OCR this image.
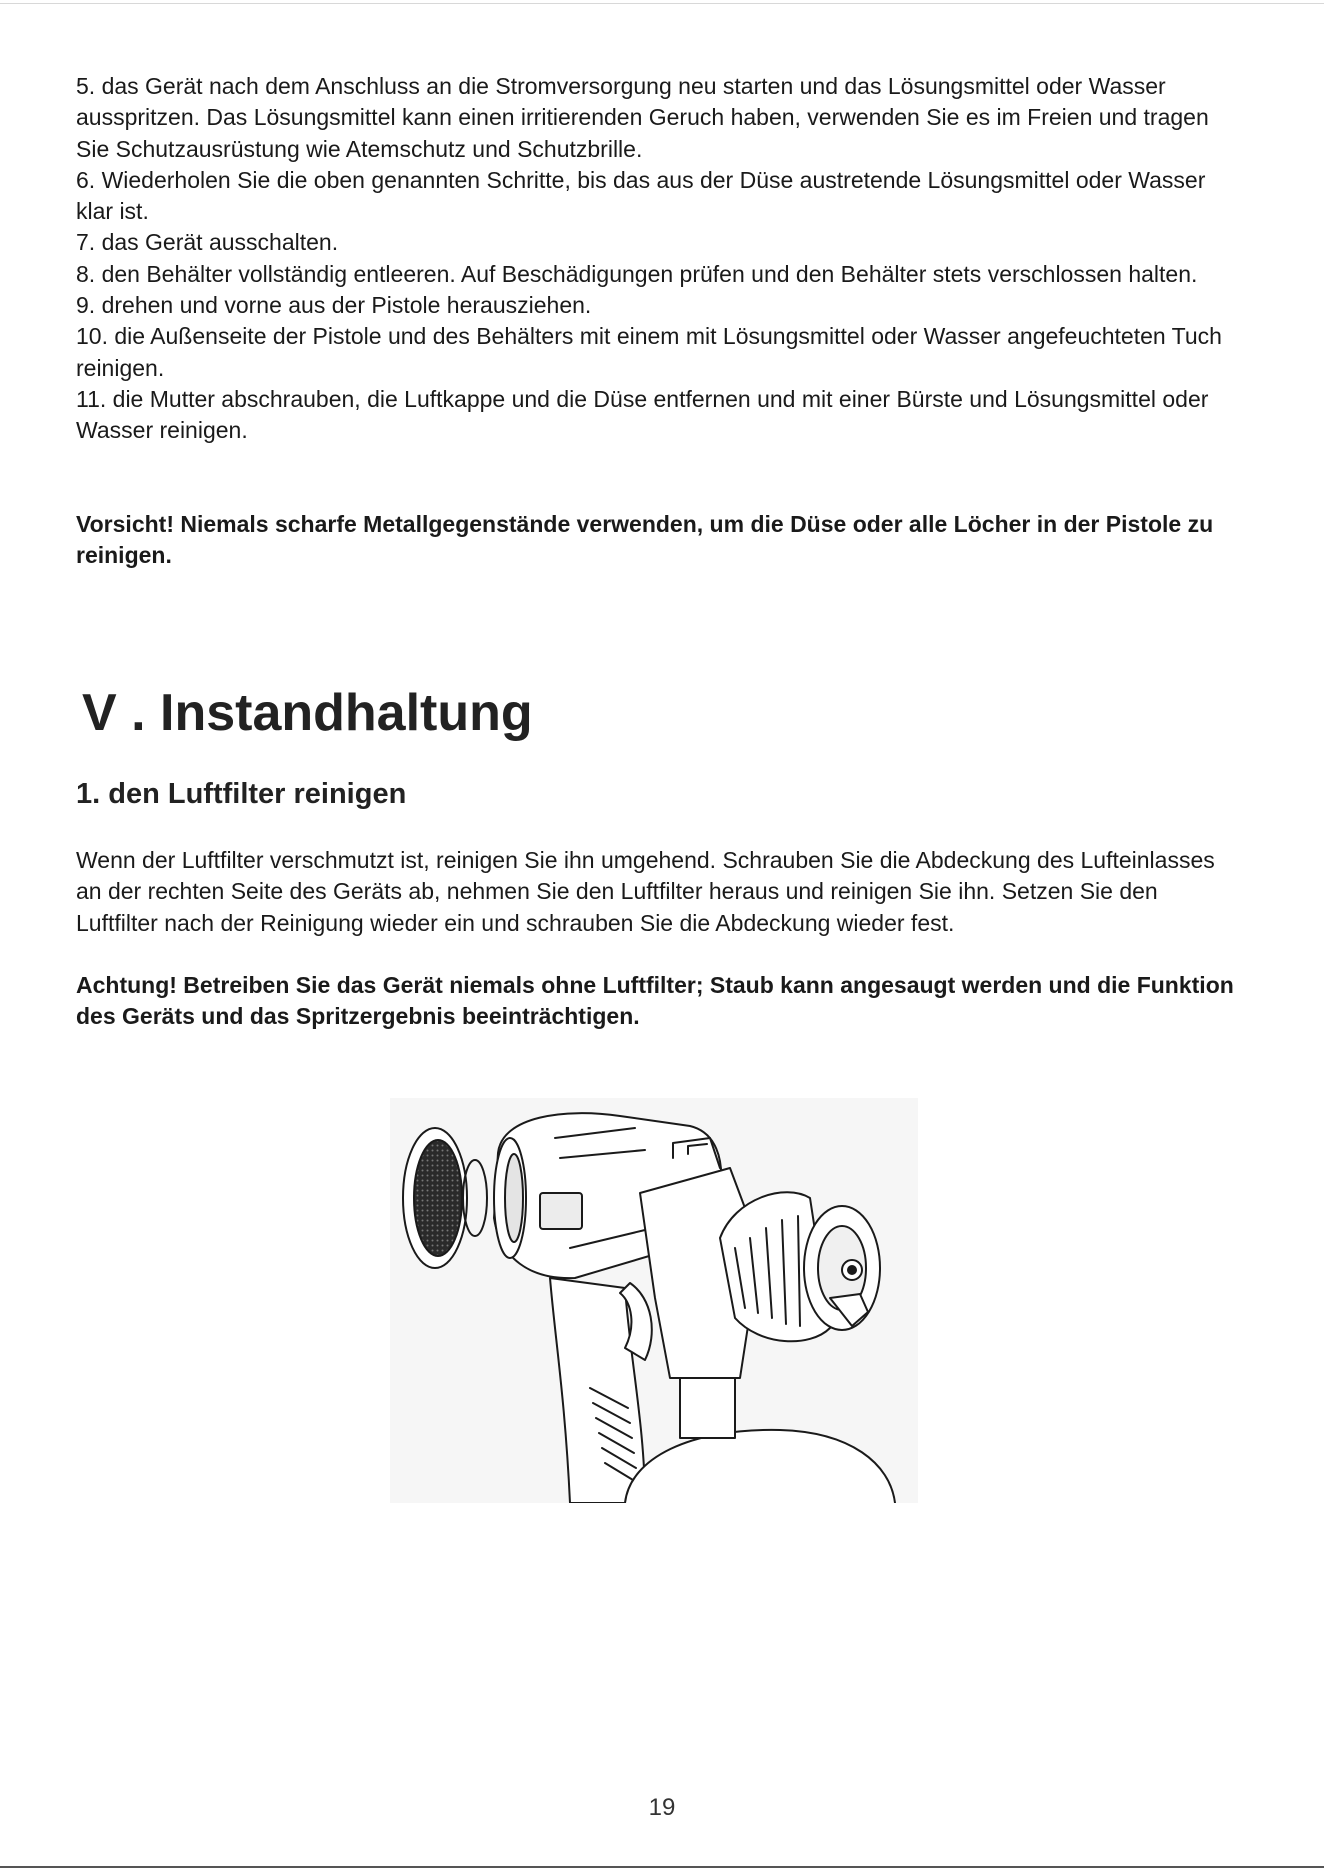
5. das Gerät nach dem Anschluss an die Stromversorgung neu starten und das Lösungsmittel oder Wasser ausspritzen. Das Lösungsmittel kann einen irritierenden Geruch haben, verwenden Sie es im Freien und tragen Sie Schutzausrüstung wie Atemschutz und Schutzbrille.

6. Wiederholen Sie die oben genannten Schritte, bis das aus der Düse austretende Lösungsmittel oder Wasser klar ist.

7. das Gerät ausschalten.

8. den Behälter vollständig entleeren. Auf Beschädigungen prüfen und den Behälter stets verschlossen halten.

9. drehen und vorne aus der Pistole herausziehen.

10. die Außenseite der Pistole und des Behälters mit einem mit Lösungsmittel oder Wasser angefeuchteten Tuch reinigen.

11. die Mutter abschrauben, die Luftkappe und die Düse entfernen und mit einer Bürste und Lösungsmittel oder Wasser reinigen.

Vorsicht! Niemals scharfe Metallgegenstände verwenden, um die Düse oder alle Löcher in der Pistole zu reinigen.

V . Instandhaltung
1. den Luftfilter reinigen

Wenn der Luftfilter verschmutzt ist, reinigen Sie ihn umgehend. Schrauben Sie die Abdeckung des Lufteinlasses an der rechten Seite des Geräts ab, nehmen Sie den Luftfilter heraus und reinigen Sie ihn. Setzen Sie den Luftfilter nach der Reinigung wieder ein und schrauben Sie die Abdeckung wieder fest.

Achtung! Betreiben Sie das Gerät niemals ohne Luftfilter; Staub kann angesaugt werden und die Funktion des Geräts und das Spritzergebnis beeinträchtigen.

19
